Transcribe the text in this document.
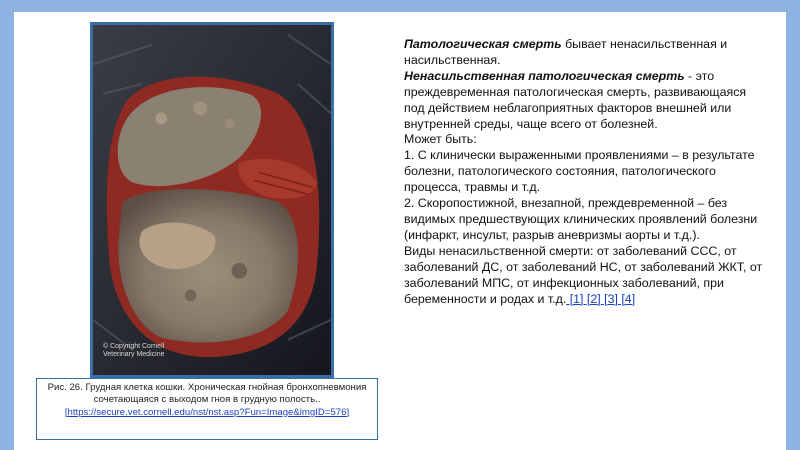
© Copyright Cornell
Veterinary Medicine
Рис. 26. Грудная клетка кошки. Хроническая гнойная бронхопневмония сочетающаяся с выходом гноя в грудную полость..
[https://secure.vet.cornell.edu/nst/nst.asp?Fun=Image&imgID=576]

Патологическая смерть бывает ненасильственная и насильственная.

Ненасильственная патологическая смерть - это преждевременная патологическая смерть, развивающаяся под действием неблагоприятных факторов внешней или внутренней среды, чаще всего от болезней.

Может быть:

1. С клинически выраженными проявлениями – в результате болезни, патологического состояния, патологического процесса, травмы и т.д.

2. Скоропостижной, внезапной, преждевременной – без видимых предшествующих клинических проявлений болезни (инфаркт, инсульт, разрыв аневризмы аорты и т.д.).

Виды ненасильственной смерти: от заболеваний ССС, от заболеваний ДС, от заболеваний НС, от заболеваний ЖКТ, от заболеваний МПС, от инфекционных заболеваний, при беременности и родах и т.д. [1] [2] [3] [4]
